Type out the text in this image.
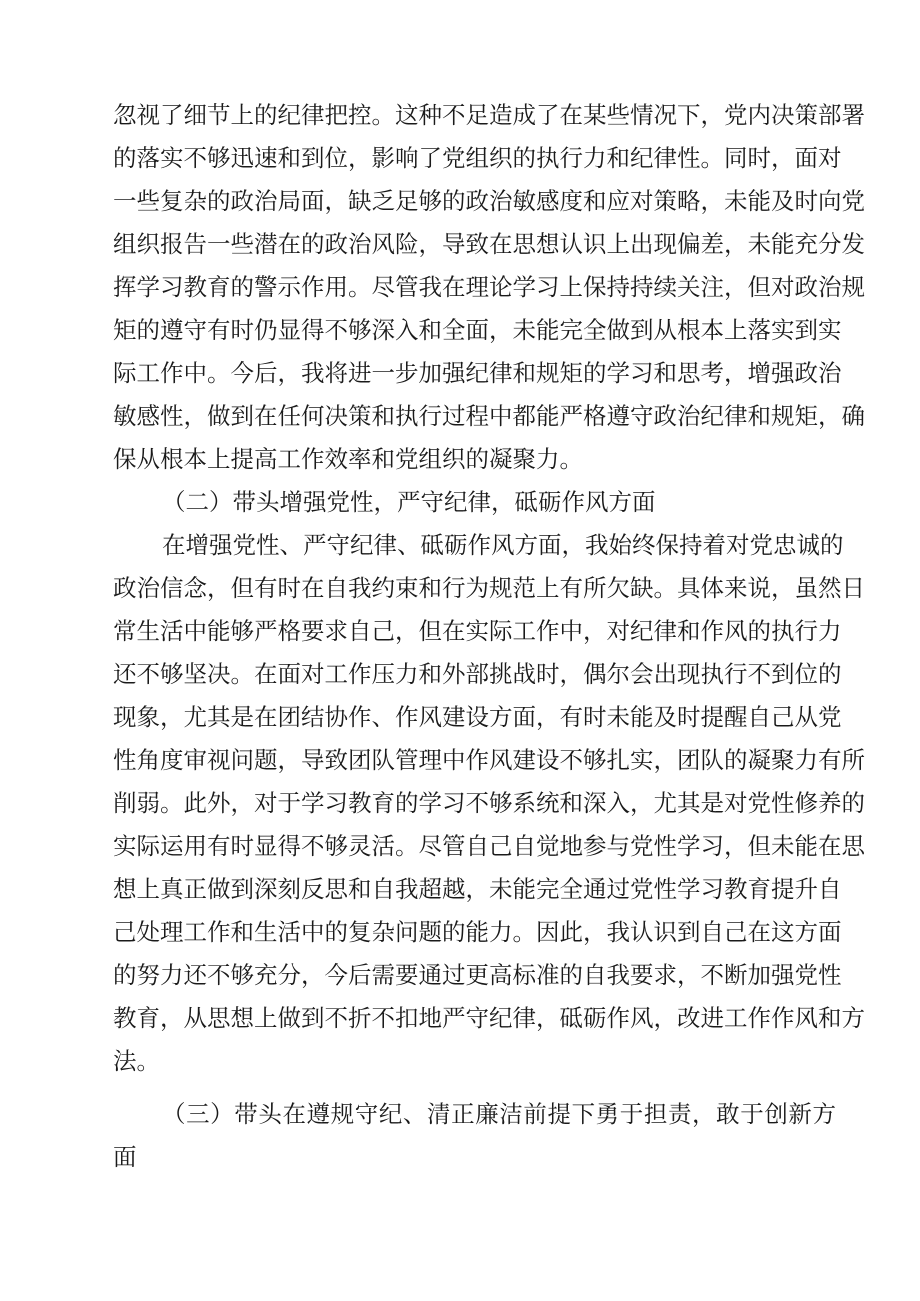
忽视了细节上的纪律把控。这种不足造成了在某些情况下，党内决策部署
的落实不够迅速和到位，影响了党组织的执行力和纪律性。同时，面对
一些复杂的政治局面，缺乏足够的政治敏感度和应对策略，未能及时向党
组织报告一些潜在的政治风险，导致在思想认识上出现偏差，未能充分发
挥学习教育的警示作用。尽管我在理论学习上保持持续关注，但对政治规
矩的遵守有时仍显得不够深入和全面，未能完全做到从根本上落实到实
际工作中。今后，我将进一步加强纪律和规矩的学习和思考，增强政治
敏感性，做到在任何决策和执行过程中都能严格遵守政治纪律和规矩，确
保从根本上提高工作效率和党组织的凝聚力。
（二）带头增强党性，严守纪律，砥砺作风方面
在增强党性、严守纪律、砥砺作风方面，我始终保持着对党忠诚的
政治信念，但有时在自我约束和行为规范上有所欠缺。具体来说，虽然日
常生活中能够严格要求自己，但在实际工作中，对纪律和作风的执行力
还不够坚决。在面对工作压力和外部挑战时，偶尔会出现执行不到位的
现象，尤其是在团结协作、作风建设方面，有时未能及时提醒自己从党
性角度审视问题，导致团队管理中作风建设不够扎实，团队的凝聚力有所
削弱。此外，对于学习教育的学习不够系统和深入，尤其是对党性修养的
实际运用有时显得不够灵活。尽管自己自觉地参与党性学习，但未能在思
想上真正做到深刻反思和自我超越，未能完全通过党性学习教育提升自
己处理工作和生活中的复杂问题的能力。因此，我认识到自己在这方面
的努力还不够充分，今后需要通过更高标准的自我要求，不断加强党性
教育，从思想上做到不折不扣地严守纪律，砥砺作风，改进工作作风和方
法。
（三）带头在遵规守纪、清正廉洁前提下勇于担责，敢于创新方
面
